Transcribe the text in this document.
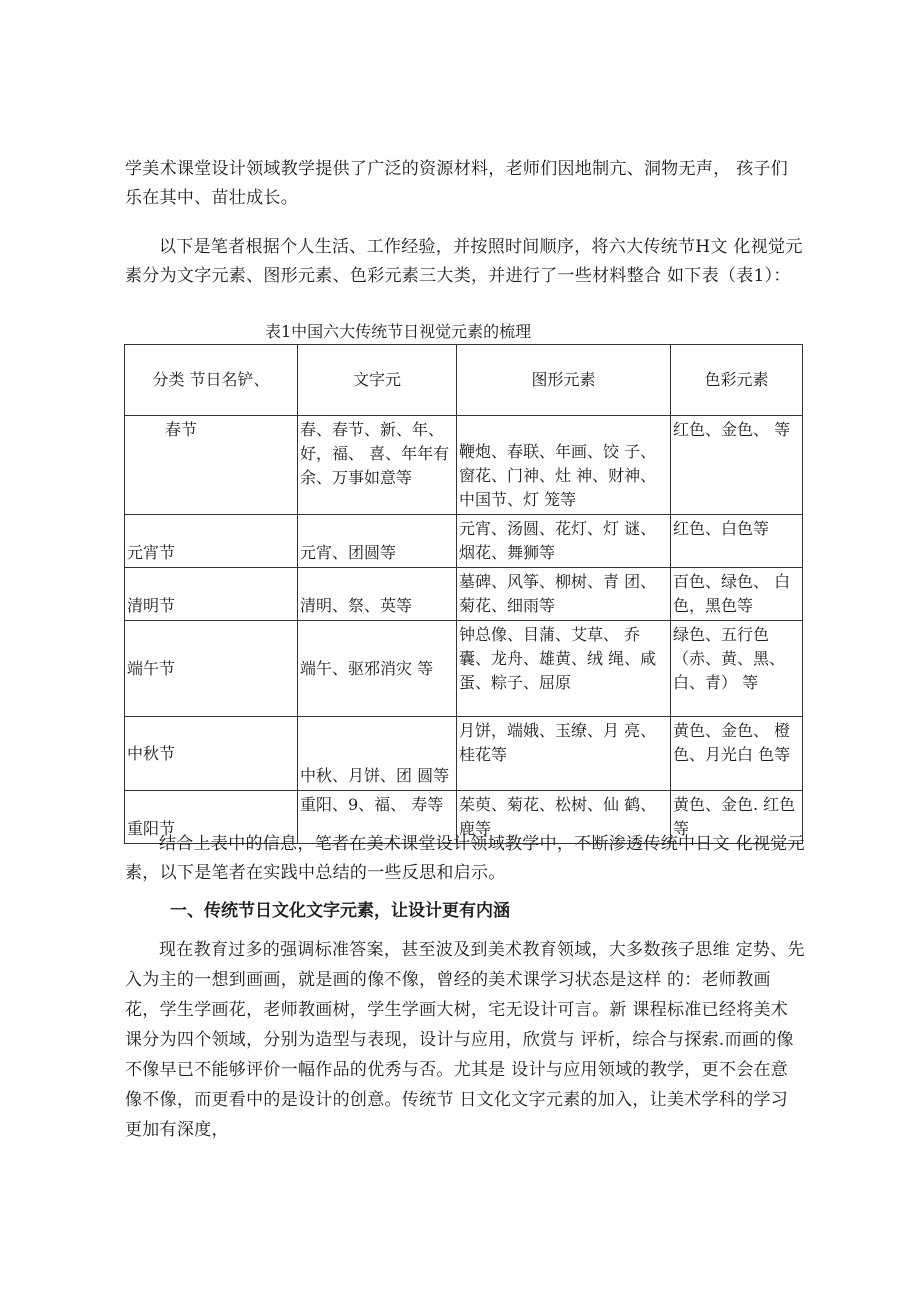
学美术课堂设计领域教学提供了广泛的资源材料，老师们因地制亢、洞物无声， 孩子们乐在其中、苗壮成长。

以下是笔者根据个人生活、工作经验，并按照时间顺序，将六大传统节H文 化视觉元素分为文字元素、图形元素、色彩元素三大类，并进行了一些材料整合 如下表（表1）：

表1中国六大传统节日视觉元素的梳理

分类 节日名铲、	文字元	图形元素	色彩元素
春节	春、春节、新、年、好，福、 喜、年年有余、万事如意等	鞭炮、春联、年画、饺 子、窗花、门神、灶 神、财神、中国节、灯 笼等	红色、金色、 等
元宵节	元宵、团圆等	元宵、汤圆、花灯、灯 谜、烟花、舞狮等	红色、白色等
清明节	清明、祭、英等	墓碑、风筝、柳树、青 团、菊花、细雨等	百色、绿色、 白色，黑色等
端午节	端午、驱邪消灾 等	钟总像、目蒲、艾草、 乔囊、龙舟、雄黄、绒 绳、咸蛋、粽子、屈原	绿色、五行色 （赤、黄、黑、白、青） 等
中秋节	中秋、月饼、团 圆等	月饼，端娥、玉缭、月 亮、桂花等	黄色、金色、 橙色、月光白 色等
重阳节	重阳、9、福、 寿等	茱萸、菊花、松树、仙 鹤、鹿等	黄色、金色. 红色等

结合上表中的信息，笔者在美术课堂设计领域教学中，不断渗透传统中日文 化视觉元素，以下是笔者在实践中总结的一些反思和启示。

一、传统节日文化文字元素，让设计更有内涵

现在教育过多的强调标准答案，甚至波及到美术教育领域，大多数孩子思维 定势、先入为主的一想到画画，就是画的像不像，曾经的美术课学习状态是这样 的：老师教画花，学生学画花，老师教画树，学生学画大树，宅无设计可言。新 课程标准已经将美术课分为四个领域，分别为造型与表现，设计与应用，欣赏与 评析，综合与探索.而画的像不像早已不能够评价一幅作品的优秀与否。尤其是 设计与应用领域的教学，更不会在意像不像，而更看中的是设计的创意。传统节 日文化文字元素的加入，让美术学科的学习更加有深度，
